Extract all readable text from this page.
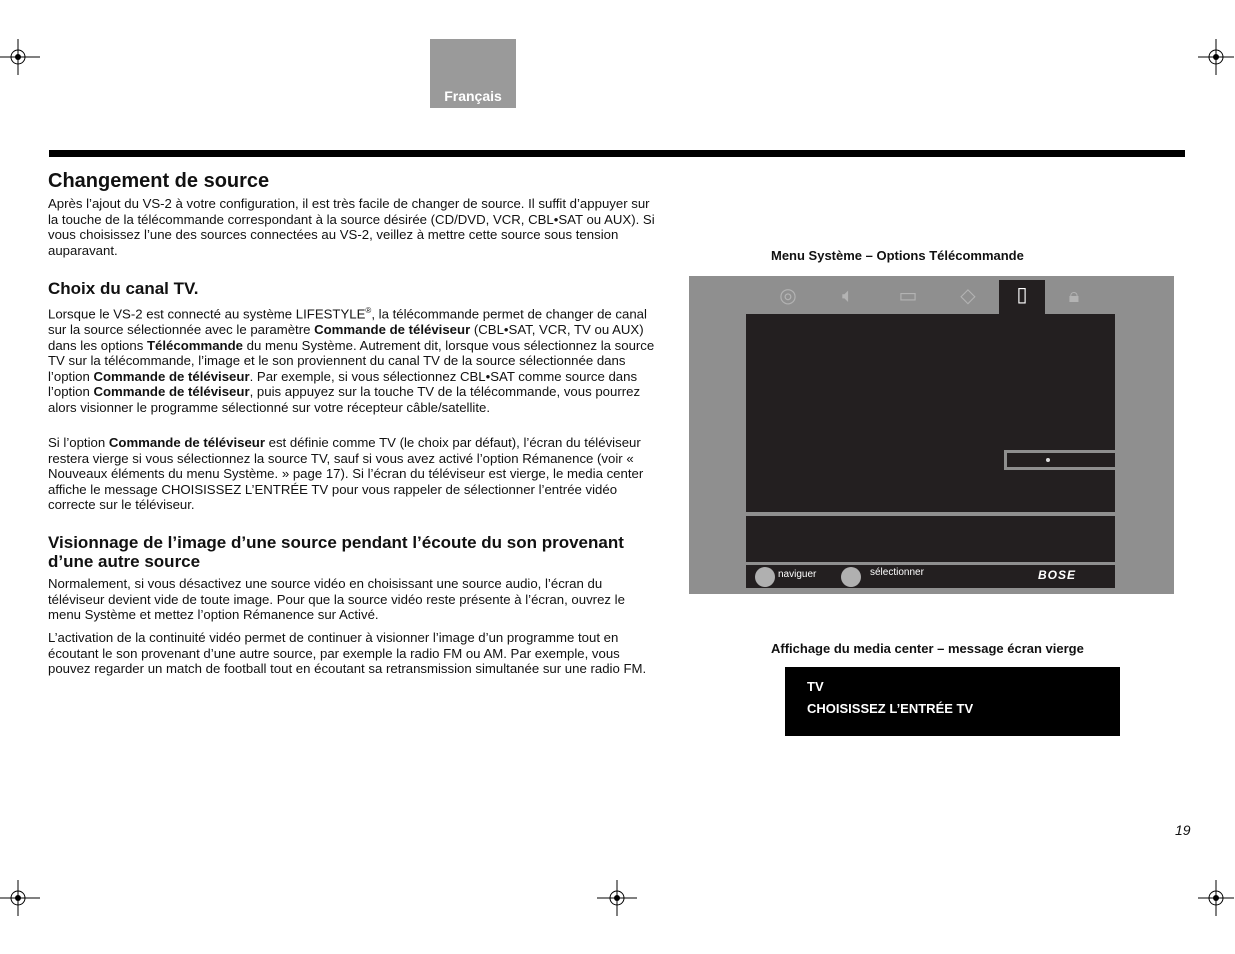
Français
Changement de source

Après l’ajout du VS-2 à votre configuration, il est très facile de changer de source. Il suffit d’appuyer sur la touche de la télécommande correspondant à la source désirée (CD/DVD, VCR, CBL•SAT ou AUX). Si vous choisissez l’une des sources connectées au VS-2, veillez à mettre cette source sous tension auparavant.

Choix du canal TV.

Lorsque le VS-2 est connecté au système LIFESTYLE®, la télécommande permet de changer de canal sur la source sélectionnée avec le paramètre Commande de téléviseur (CBL•SAT, VCR, TV ou AUX) dans les options Télécommande du menu Système. Autrement dit, lorsque vous sélectionnez la source TV sur la télécommande, l’image et le son proviennent du canal TV de la source sélectionnée dans l’option Commande de téléviseur. Par exemple, si vous sélectionnez CBL•SAT comme source dans l’option Commande de téléviseur, puis appuyez sur la touche TV de la télécommande, vous pourrez alors visionner le programme sélectionné sur votre récepteur câble/satellite.

Si l’option Commande de téléviseur est définie comme TV (le choix par défaut), l’écran du téléviseur restera vierge si vous sélectionnez la source TV, sauf si vous avez activé l’option Rémanence (voir « Nouveaux éléments du menu Système. » page 17). Si l’écran du téléviseur est vierge, le media center affiche le message CHOISISSEZ L’ENTRÉE TV pour vous rappeler de sélectionner l’entrée vidéo correcte sur le téléviseur.

Visionnage de l’image d’une source pendant l’écoute du son provenant d’une autre source

Normalement, si vous désactivez une source vidéo en choisissant une source audio, l’écran du téléviseur devient vide de toute image. Pour que la source vidéo reste présente à l’écran, ouvrez le menu Système et mettez l’option Rémanence sur Activé.

L’activation de la continuité vidéo permet de continuer à visionner l’image d’un programme tout en écoutant le son provenant d’une autre source, par exemple la radio FM ou AM. Par exemple, vous pouvez regarder un match de football tout en écoutant sa retransmission simultanée sur une radio FM.

Menu Système – Options Télécommande
◎	🔈︎	▭ ◇	▯	🔒︎
naviguer	sélectionner	BOSE
Affichage du media center – message écran vierge
TV
CHOISISSEZ L’ENTRÉE TV
19
